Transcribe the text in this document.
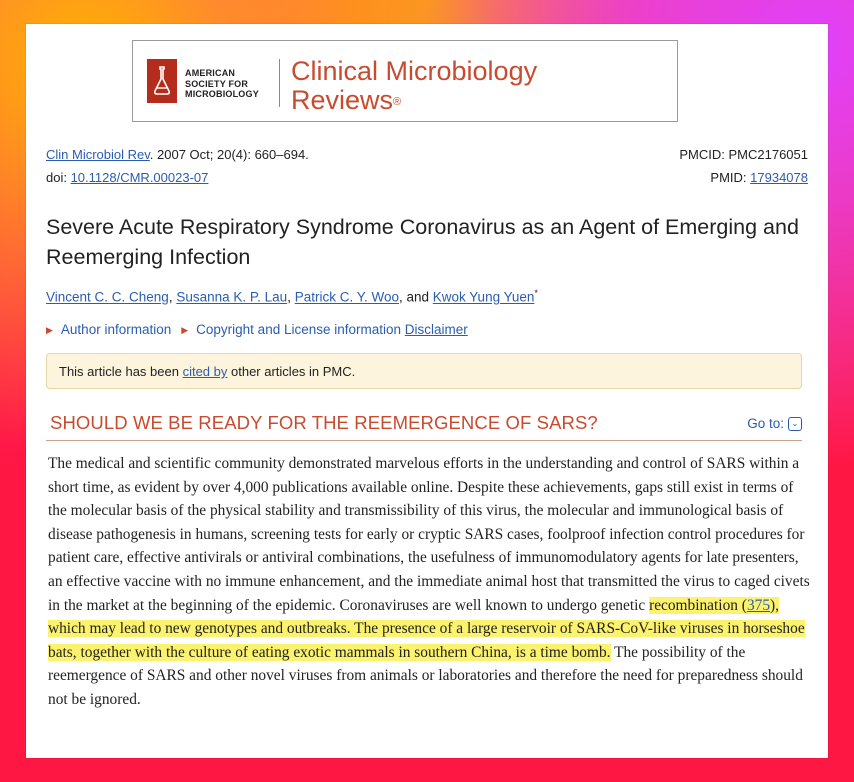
AMERICAN
SOCIETY FOR
MICROBIOLOGY
Clinical Microbiology
Reviews®
Clin Microbiol Rev. 2007 Oct; 20(4): 660–694.	PMCID: PMC2176051
doi: 10.1128/CMR.00023-07	PMID: 17934078
Severe Acute Respiratory Syndrome Coronavirus as an Agent of Emerging and Reemerging Infection
Vincent C. C. Cheng, Susanna K. P. Lau, Patrick C. Y. Woo, and Kwok Yung Yuen*
▶ Author information ▶ Copyright and License information Disclaimer
This article has been cited by other articles in PMC.
SHOULD WE BE READY FOR THE REEMERGENCE OF SARS?	Go to: ⌄
The medical and scientific community demonstrated marvelous efforts in the understanding and control of SARS within a short time, as evident by over 4,000 publications available online. Despite these achievements, gaps still exist in terms of the molecular basis of the physical stability and transmissibility of this virus, the molecular and immunological basis of disease pathogenesis in humans, screening tests for early or cryptic SARS cases, foolproof infection control procedures for patient care, effective antivirals or antiviral combinations, the usefulness of immunomodulatory agents for late presenters, an effective vaccine with no immune enhancement, and the immediate animal host that transmitted the virus to caged civets in the market at the beginning of the epidemic. Coronaviruses are well known to undergo genetic recombination (375), which may lead to new genotypes and outbreaks. The presence of a large reservoir of SARS-CoV-like viruses in horseshoe bats, together with the culture of eating exotic mammals in southern China, is a time bomb. The possibility of the reemergence of SARS and other novel viruses from animals or laboratories and therefore the need for preparedness should not be ignored.
